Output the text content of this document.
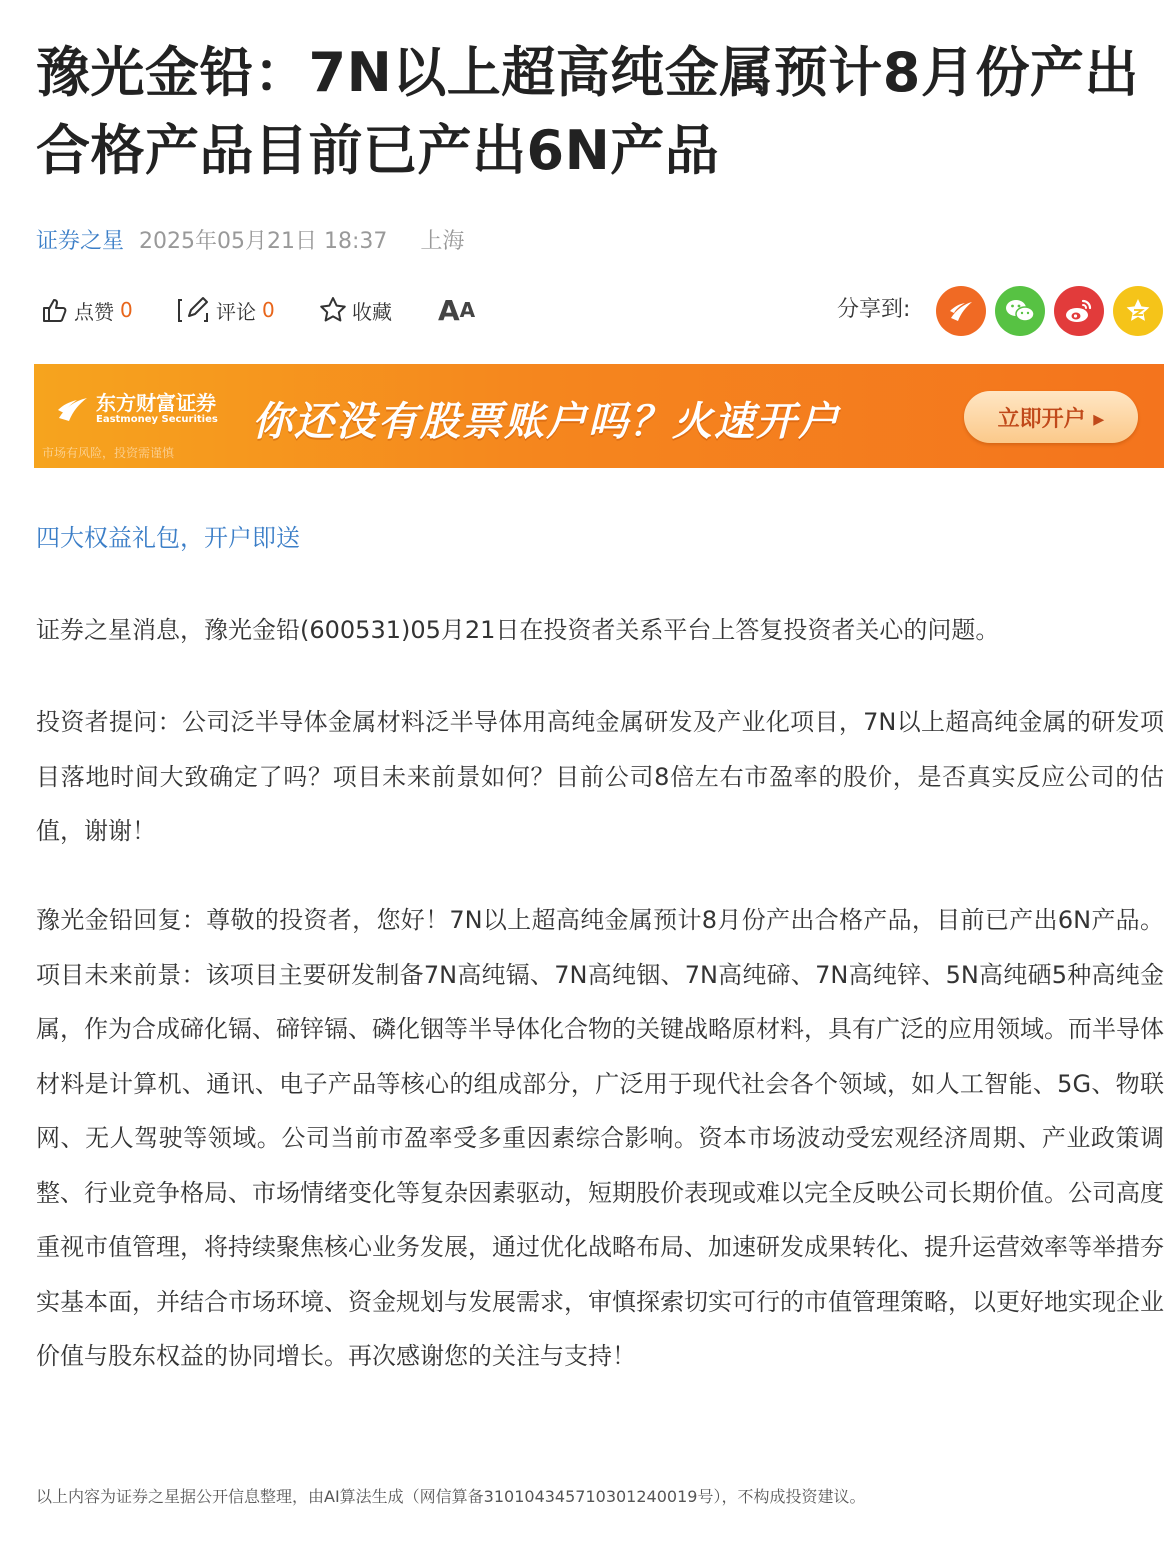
豫光金铅：7N以上超高纯金属预计8月份产出合格产品目前已产出6N产品
证券之星 2025年05月21日 18:37 上海
点赞 0	评论 0	收藏 A A	分享到:
东方财富证券
Eastmoney Securities
市场有风险，投资需谨慎
你还没有股票账户吗？火速开户	立即开户 ▸
四大权益礼包，开户即送

证券之星消息，豫光金铅(600531)05月21日在投资者关系平台上答复投资者关心的问题。

投资者提问：公司泛半导体金属材料泛半导体用高纯金属研发及产业化项目，7N以上超高纯金属的研发项目落地时间大致确定了吗？项目未来前景如何？目前公司8倍左右市盈率的股价，是否真实反应公司的估值，谢谢！

豫光金铅回复：尊敬的投资者，您好！7N以上超高纯金属预计8月份产出合格产品，目前已产出6N产品。项目未来前景：该项目主要研发制备7N高纯镉、7N高纯铟、7N高纯碲、7N高纯锌、5N高纯硒5种高纯金属，作为合成碲化镉、碲锌镉、磷化铟等半导体化合物的关键战略原材料，具有广泛的应用领域。而半导体材料是计算机、通讯、电子产品等核心的组成部分，广泛用于现代社会各个领域，如人工智能、5G、物联网、无人驾驶等领域。公司当前市盈率受多重因素综合影响。资本市场波动受宏观经济周期、产业政策调整、行业竞争格局、市场情绪变化等复杂因素驱动，短期股价表现或难以完全反映公司长期价值。公司高度重视市值管理，将持续聚焦核心业务发展，通过优化战略布局、加速研发成果转化、提升运营效率等举措夯实基本面，并结合市场环境、资金规划与发展需求，审慎探索切实可行的市值管理策略，以更好地实现企业价值与股东权益的协同增长。再次感谢您的关注与支持！

以上内容为证券之星据公开信息整理，由AI算法生成（网信算备310104345710301240019号），不构成投资建议。
